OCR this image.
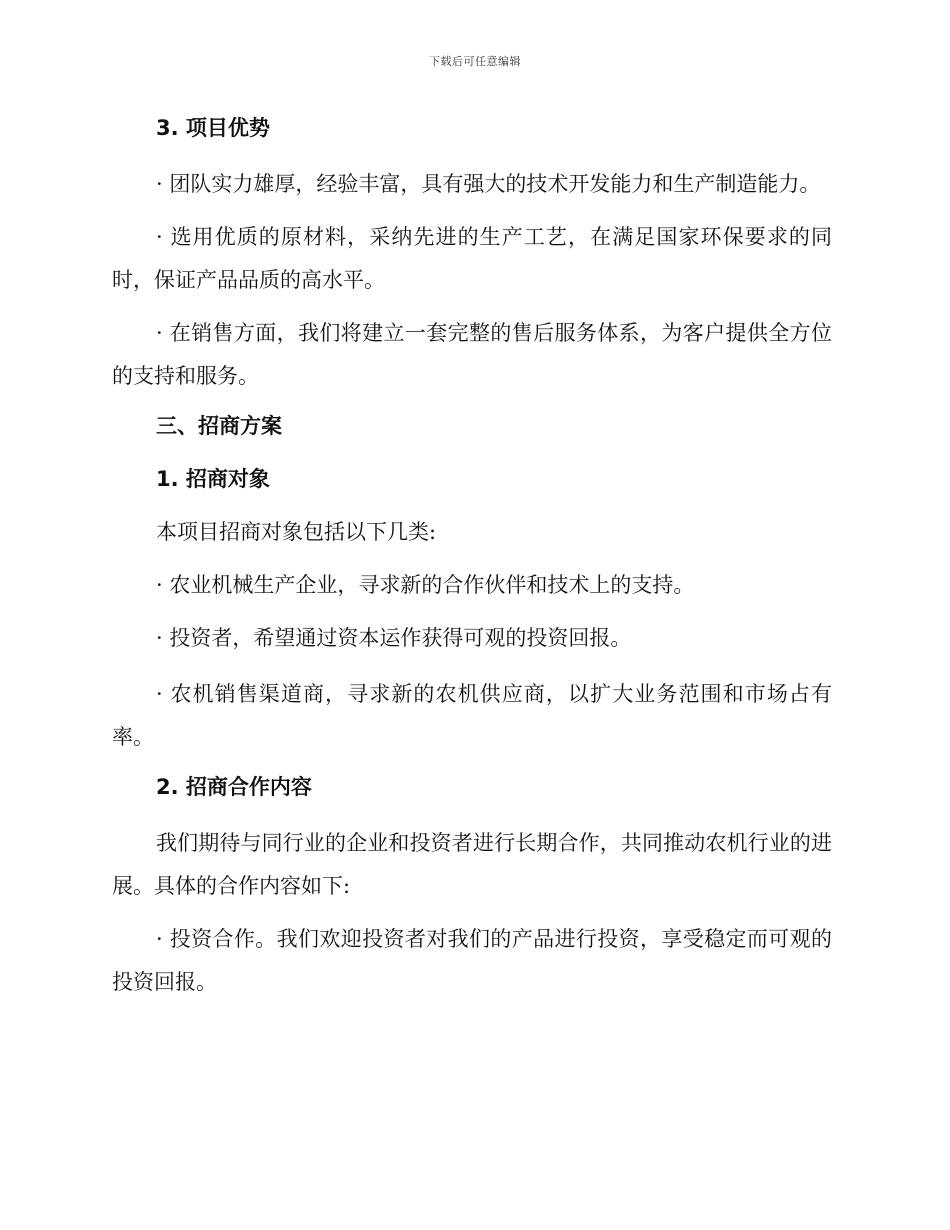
下载后可任意编辑
3. 项目优势

· 团队实力雄厚，经验丰富，具有强大的技术开发能力和生产制造能力。

· 选用优质的原材料，采纳先进的生产工艺，在满足国家环保要求的同时，保证产品品质的高水平。

· 在销售方面，我们将建立一套完整的售后服务体系，为客户提供全方位的支持和服务。

三、招商方案
1. 招商对象

本项目招商对象包括以下几类:

· 农业机械生产企业，寻求新的合作伙伴和技术上的支持。

· 投资者，希望通过资本运作获得可观的投资回报。

· 农机销售渠道商，寻求新的农机供应商，以扩大业务范围和市场占有率。

2. 招商合作内容

我们期待与同行业的企业和投资者进行长期合作，共同推动农机行业的进展。具体的合作内容如下:

· 投资合作。我们欢迎投资者对我们的产品进行投资，享受稳定而可观的投资回报。
